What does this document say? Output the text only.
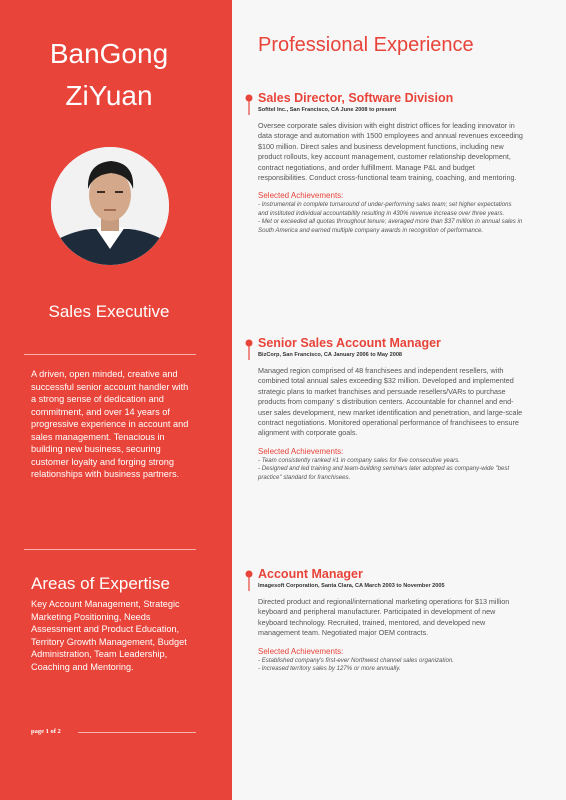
BanGong
ZiYuan
Sales Executive
A driven, open minded, creative and successful senior account handler with a strong sense of dedication and commitment, and over 14 years of progressive experience in account and sales management. Tenacious in building new business, securing customer loyalty and forging strong relationships with business partners.
Areas of Expertise
Key Account Management, Strategic Marketing Positioning, Needs Assessment and Product Education, Territory Growth Management, Budget Administration, Team Leadership, Coaching and Mentoring.
page 1 of 2
Professional Experience
Sales Director, Software Division
Softtel Inc., San Francisco, CA June 2008 to present
Oversee corporate sales division with eight district offices for leading innovator in data storage and automation with 1500 employees and annual revenues exceeding $100 million. Direct sales and business development functions, including new product rollouts, key account management, customer relationship development, contract negotiations, and order fulfillment. Manage P&L and budget responsibilities. Conduct cross-functional team training, coaching, and mentoring.
Selected Achievements:
- Instrumental in complete turnaround of under-performing sales team; set higher expectations and instituted individual accountability resulting in 430% revenue increase over three years.
- Met or exceeded all quotas throughout tenure; averaged more than $37 million in annual sales in South America and earned multiple company awards in recognition of performance.
Senior Sales Account Manager
BizCorp, San Francisco, CA January 2006 to May 2008
Managed region comprised of 48 franchisees and independent resellers, with combined total annual sales exceeding $32 million. Developed and implemented strategic plans to market franchises and persuade resellers/VARs to purchase products from company' s distribution centers. Accountable for channel and end-user sales development, new market identification and penetration, and large-scale contract negotiations. Monitored operational performance of franchisees to ensure alignment with corporate goals.
Selected Achievements:
- Team consistently ranked #1 in company sales for five consecutive years.
- Designed and led training and team-building seminars later adopted as company-wide "best practice" standard for franchisees.
Account Manager
Imagesoft Corporation, Santa Clara, CA March 2003 to November 2005
Directed product and regional/international marketing operations for $13 million keyboard and peripheral manufacturer. Participated in development of new keyboard technology. Recruited, trained, mentored, and developed new management team. Negotiated major OEM contracts.
Selected Achievements:
- Established company's first-ever Northwest channel sales organization.
- Increased territory sales by 127% or more annually.
